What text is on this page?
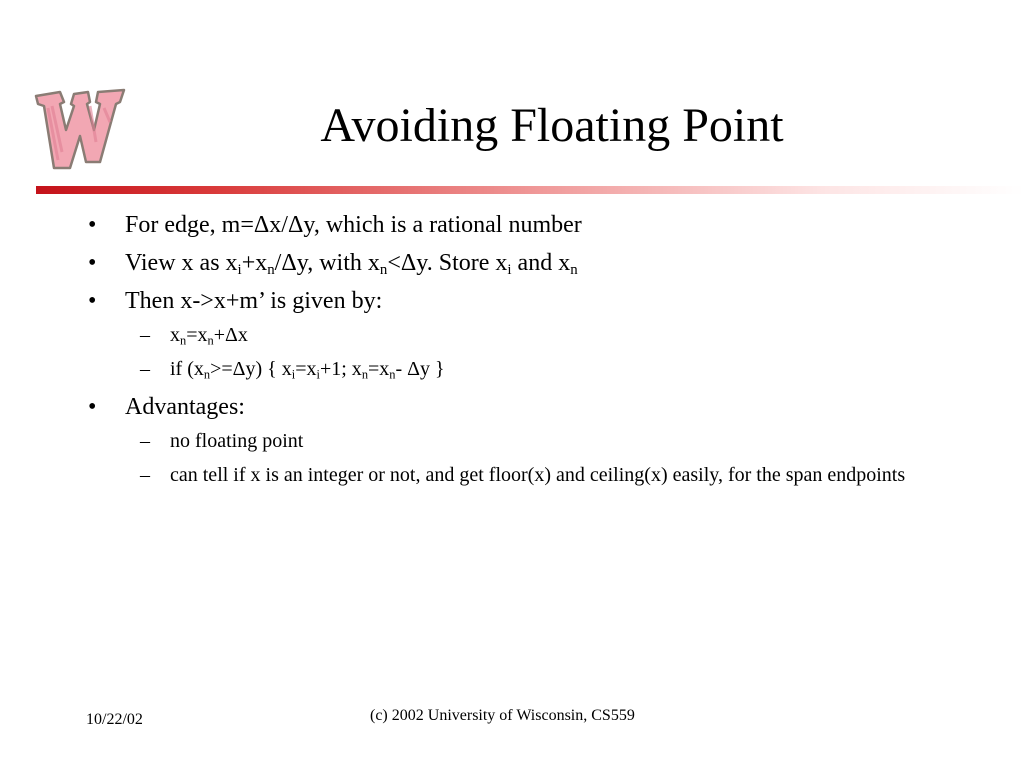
Avoiding Floating Point
• For edge, m=Δx/Δy, which is a rational number
• View x as $x_i+x_n/\Delta y$, with $x_n<\Delta y$. Store $x_i$ and $x_n$
• Then x->x+m’ is given by:
– $x_n=x_n+\Delta x$
– if $(x_n>=\Delta y)$ { $x_i=x_i+1$; $x_n=x_n-$ Δy }
• Advantages:
– no floating point
– can tell if x is an integer or not, and get floor(x) and ceiling(x) easily, for the span endpoints
10/22/02	(c) 2002 University of Wisconsin, CS559
